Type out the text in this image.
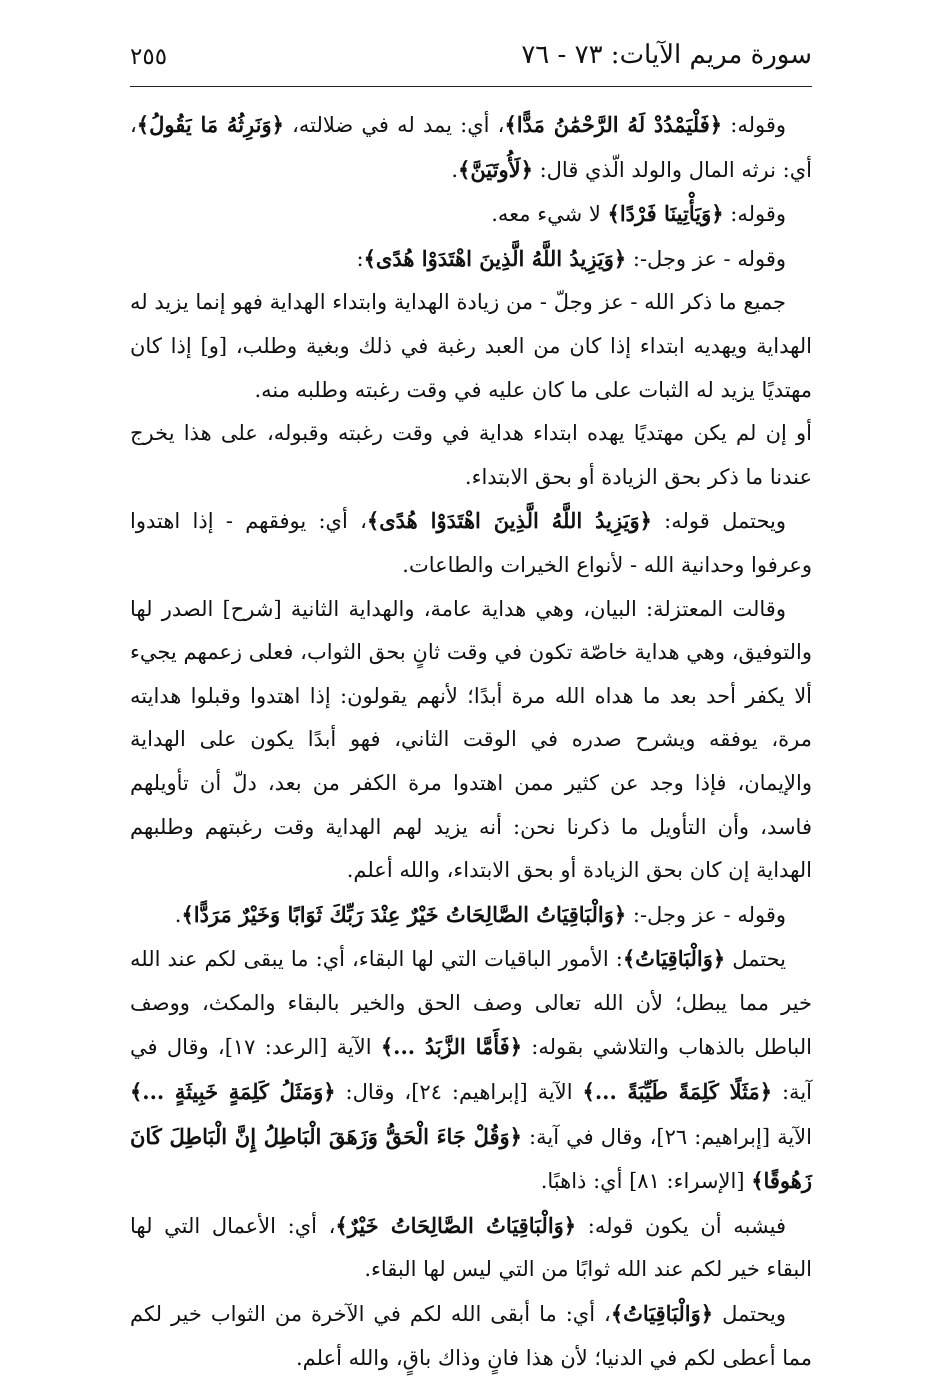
سورة مريم الآيات: ٧٣ - ٧٦
٢٥٥

وقوله: ﴿فَلْيَمْدُدْ لَهُ الرَّحْمَٰنُ مَدًّا﴾، أي: يمد له في ضلالته، ﴿وَنَرِثُهُ مَا يَقُولُ﴾، أي: نرثه المال والولد الّذي قال: ﴿لَأُوتَيَنَّ﴾.

وقوله: ﴿وَيَأْتِينَا فَرْدًا﴾ لا شيء معه.

وقوله - عز وجل-: ﴿وَيَزِيدُ اللَّهُ الَّذِينَ اهْتَدَوْا هُدًى﴾:

جميع ما ذكر الله - عز وجلّ - من زيادة الهداية وابتداء الهداية فهو إنما يزيد له الهداية ويهديه ابتداء إذا كان من العبد رغبة في ذلك وبغية وطلب، [و] إذا كان مهتديًا يزيد له الثبات على ما كان عليه في وقت رغبته وطلبه منه.

أو إن لم يكن مهتديًا يهده ابتداء هداية في وقت رغبته وقبوله، على هذا يخرج عندنا ما ذكر بحق الزيادة أو بحق الابتداء.

ويحتمل قوله: ﴿وَيَزِيدُ اللَّهُ الَّذِينَ اهْتَدَوْا هُدًى﴾، أي: يوفقهم - إذا اهتدوا وعرفوا وحدانية الله - لأنواع الخيرات والطاعات.

وقالت المعتزلة: البيان، وهي هداية عامة، والهداية الثانية [شرح] الصدر لها والتوفيق، وهي هداية خاصّة تكون في وقت ثانٍ بحق الثواب، فعلى زعمهم يجيء ألا يكفر أحد بعد ما هداه الله مرة أبدًا؛ لأنهم يقولون: إذا اهتدوا وقبلوا هدايته مرة، يوفقه ويشرح صدره في الوقت الثاني، فهو أبدًا يكون على الهداية والإيمان، فإذا وجد عن كثير ممن اهتدوا مرة الكفر من بعد، دلّ أن تأويلهم فاسد، وأن التأويل ما ذكرنا نحن: أنه يزيد لهم الهداية وقت رغبتهم وطلبهم الهداية إن كان بحق الزيادة أو بحق الابتداء، والله أعلم.

وقوله - عز وجل-: ﴿وَالْبَاقِيَاتُ الصَّالِحَاتُ خَيْرٌ عِنْدَ رَبِّكَ ثَوَابًا وَخَيْرٌ مَرَدًّا﴾.

يحتمل ﴿وَالْبَاقِيَاتُ﴾: الأمور الباقيات التي لها البقاء، أي: ما يبقى لكم عند الله خير مما يبطل؛ لأن الله تعالى وصف الحق والخير بالبقاء والمكث، ووصف الباطل بالذهاب والتلاشي بقوله: ﴿فَأَمَّا الزَّبَدُ ...﴾ الآية [الرعد: ١٧]، وقال في آية: ﴿مَثَلًا كَلِمَةً طَيِّبَةً ...﴾ الآية [إبراهيم: ٢٤]، وقال: ﴿وَمَثَلُ كَلِمَةٍ خَبِيثَةٍ ...﴾ الآية [إبراهيم: ٢٦]، وقال في آية: ﴿وَقُلْ جَاءَ الْحَقُّ وَزَهَقَ الْبَاطِلُ إِنَّ الْبَاطِلَ كَانَ زَهُوقًا﴾ [الإسراء: ٨١] أي: ذاهبًا.

فيشبه أن يكون قوله: ﴿وَالْبَاقِيَاتُ الصَّالِحَاتُ خَيْرٌ﴾، أي: الأعمال التي لها البقاء خير لكم عند الله ثوابًا من التي ليس لها البقاء.

ويحتمل ﴿وَالْبَاقِيَاتُ﴾، أي: ما أبقى الله لكم في الآخرة من الثواب خير لكم مما أعطى لكم في الدنيا؛ لأن هذا فانٍ وذاك باقٍ، والله أعلم.
